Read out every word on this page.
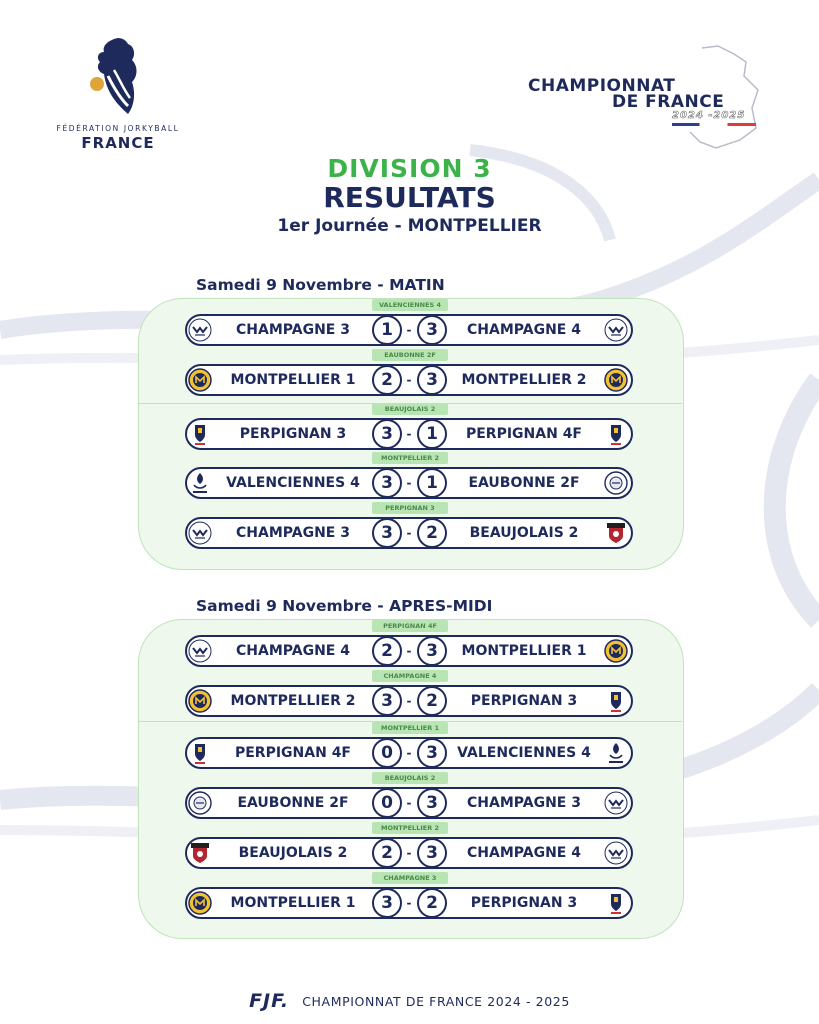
FÉDÉRATION JORKYBALL
FRANCE
CHAMPIONNAT
DE FRANCE
2024 -2025
DIVISION 3
RESULTATS
1er Journée - MONTPELLIER
Samedi 9 Novembre - MATIN
VALENCIENNES 4
CHAMPAGNE 3	1	- 3	CHAMPAGNE 4
EAUBONNE 2F
MONTPELLIER 1	2	- 3	MONTPELLIER 2
BEAUJOLAIS 2
PERPIGNAN 3	3	- 1	PERPIGNAN 4F
MONTPELLIER 2
VALENCIENNES 4	3	- 1	EAUBONNE 2F
PERPIGNAN 3
CHAMPAGNE 3	3	- 2	BEAUJOLAIS 2
Samedi 9 Novembre - APRES-MIDI
PERPIGNAN 4F
CHAMPAGNE 4	2	- 3	MONTPELLIER 1
CHAMPAGNE 4
MONTPELLIER 2	3	- 2	PERPIGNAN 3
MONTPELLIER 1
PERPIGNAN 4F	0	- 3	VALENCIENNES 4
BEAUJOLAIS 2
EAUBONNE 2F	0	- 3	CHAMPAGNE 3
MONTPELLIER 2
BEAUJOLAIS 2	2	- 3	CHAMPAGNE 4
CHAMPAGNE 3
MONTPELLIER 1	3	- 2	PERPIGNAN 3
FJF. CHAMPIONNAT DE FRANCE 2024 - 2025
